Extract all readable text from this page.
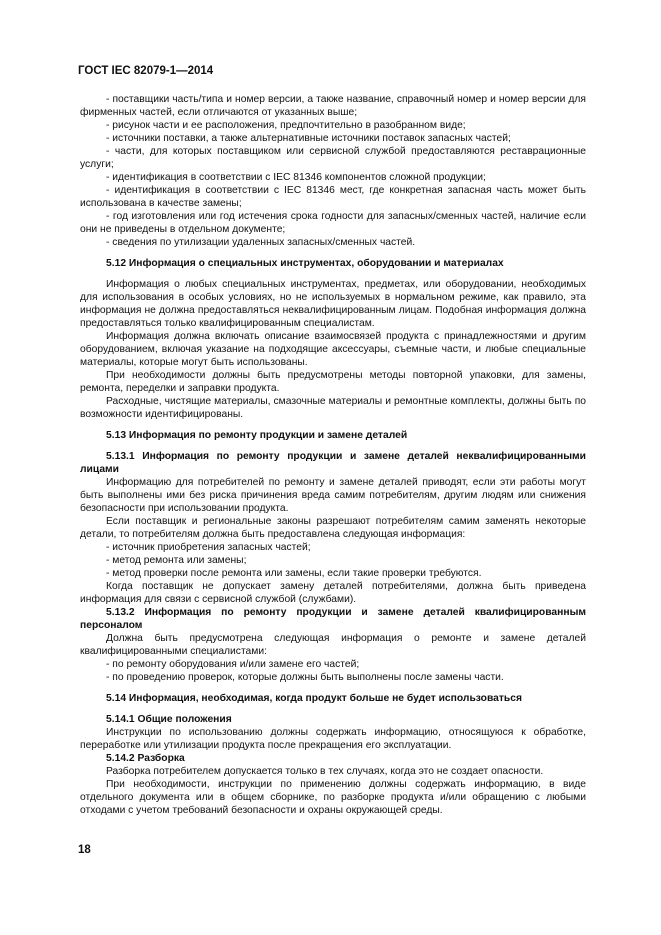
ГОСТ IEC 82079-1—2014

- поставщики часть/типа и номер версии, а также название, справочный номер и номер версии для фирменных частей, если отличаются от указанных выше;

- рисунок части и ее расположения, предпочтительно в разобранном виде;

- источники поставки, а также альтернативные источники поставок запасных частей;

- части, для которых поставщиком или сервисной службой предоставляются реставрационные услуги;

- идентификация в соответствии с IEC 81346 компонентов сложной продукции;

- идентификация в соответствии с IEC 81346 мест, где конкретная запасная часть может быть использована в качестве замены;

- год изготовления или год истечения срока годности для запасных/сменных частей, наличие если они не приведены в отдельном документе;

- сведения по утилизации удаленных запасных/сменных частей.

5.12 Информация о специальных инструментах, оборудовании и материалах

Информация о любых специальных инструментах, предметах, или оборудовании, необходимых для использования в особых условиях, но не используемых в нормальном режиме, как правило, эта информация не должна предоставляться неквалифицированным лицам. Подобная информация должна предоставляться только квалифицированным специалистам.

Информация должна включать описание взаимосвязей продукта с принадлежностями и другим оборудованием, включая указание на подходящие аксессуары, съемные части, и любые специальные материалы, которые могут быть использованы.

При необходимости должны быть предусмотрены методы повторной упаковки, для замены, ремонта, переделки и заправки продукта.

Расходные, чистящие материалы, смазочные материалы и ремонтные комплекты, должны быть по возможности идентифицированы.

5.13 Информация по ремонту продукции и замене деталей

5.13.1 Информация по ремонту продукции и замене деталей неквалифицированными лицами

Информацию для потребителей по ремонту и замене деталей приводят, если эти работы могут быть выполнены ими без риска причинения вреда самим потребителям, другим людям или снижения безопасности при использовании продукта.

Если поставщик и региональные законы разрешают потребителям самим заменять некоторые детали, то потребителям должна быть предоставлена следующая информация:

- источник приобретения запасных частей;

- метод ремонта или замены;

- метод проверки после ремонта или замены, если такие проверки требуются.

Когда поставщик не допускает замену деталей потребителями, должна быть приведена информация для связи с сервисной службой (службами).

5.13.2 Информация по ремонту продукции и замене деталей квалифицированным персоналом

Должна быть предусмотрена следующая информация о ремонте и замене деталей квалифицированными специалистами:

- по ремонту оборудования и/или замене его частей;

- по проведению проверок, которые должны быть выполнены после замены части.

5.14 Информация, необходимая, когда продукт больше не будет использоваться

5.14.1 Общие положения

Инструкции по использованию должны содержать информацию, относящуюся к обработке, переработке или утилизации продукта после прекращения его эксплуатации.

5.14.2 Разборка

Разборка потребителем допускается только в тех случаях, когда это не создает опасности.

При необходимости, инструкции по применению должны содержать информацию, в виде отдельного документа или в общем сборнике, по разборке продукта и/или обращению с любыми отходами с учетом требований безопасности и охраны окружающей среды.

18
